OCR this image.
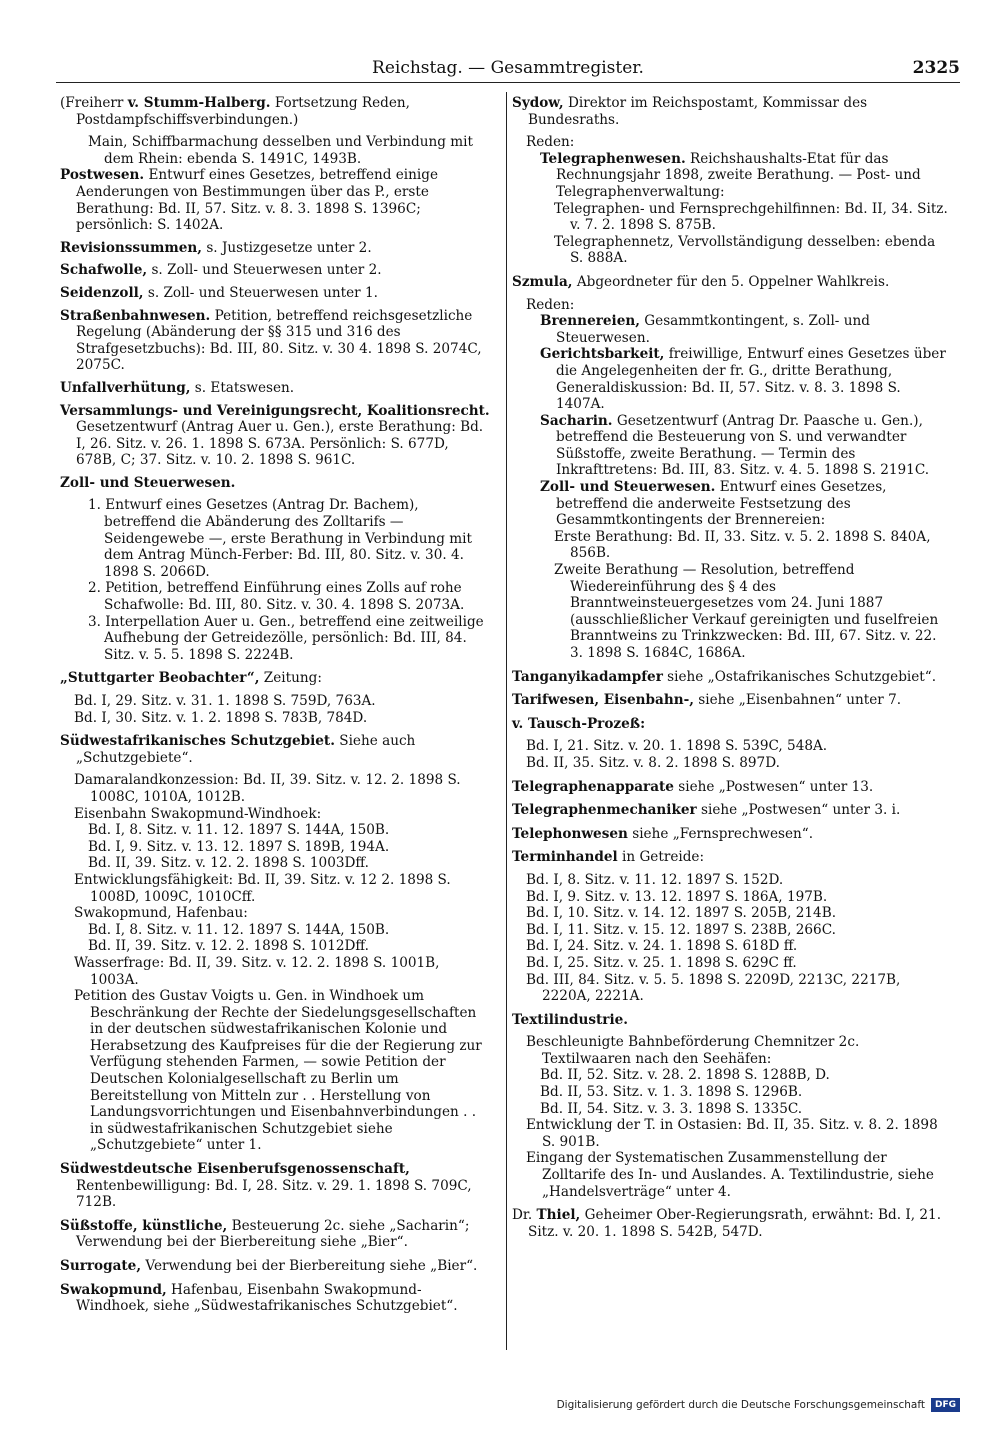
Reichstag. — Gesammtregister.	2325

(Freiherr v. Stumm-Halberg. Fortsetzung Reden, Postdampfschiffsverbindungen.)

Main, Schiffbarmachung desselben und Verbindung mit dem Rhein: ebenda S. 1491C, 1493B.

Postwesen. Entwurf eines Gesetzes, betreffend einige Aenderungen von Bestimmungen über das P., erste Berathung: Bd. II, 57. Sitz. v. 8. 3. 1898 S. 1396C; persönlich: S. 1402A.

Revisionssummen, s. Justizgesetze unter 2.

Schafwolle, s. Zoll- und Steuerwesen unter 2.

Seidenzoll, s. Zoll- und Steuerwesen unter 1.

Straßenbahnwesen. Petition, betreffend reichsgesetzliche Regelung (Abänderung der §§ 315 und 316 des Strafgesetzbuchs): Bd. III, 80. Sitz. v. 30 4. 1898 S. 2074C, 2075C.

Unfallverhütung, s. Etatswesen.

Versammlungs- und Vereinigungsrecht, Koalitionsrecht. Gesetzentwurf (Antrag Auer u. Gen.), erste Berathung: Bd. I, 26. Sitz. v. 26. 1. 1898 S. 673A. Persönlich: S. 677D, 678B, C; 37. Sitz. v. 10. 2. 1898 S. 961C.

Zoll- und Steuerwesen.

1. Entwurf eines Gesetzes (Antrag Dr. Bachem), betreffend die Abänderung des Zolltarifs — Seidengewebe —, erste Berathung in Verbindung mit dem Antrag Münch-Ferber: Bd. III, 80. Sitz. v. 30. 4. 1898 S. 2066D.

2. Petition, betreffend Einführung eines Zolls auf rohe Schafwolle: Bd. III, 80. Sitz. v. 30. 4. 1898 S. 2073A.

3. Interpellation Auer u. Gen., betreffend eine zeitweilige Aufhebung der Getreidezölle, persönlich: Bd. III, 84. Sitz. v. 5. 5. 1898 S. 2224B.

„Stuttgarter Beobachter“, Zeitung:

Bd. I, 29. Sitz. v. 31. 1. 1898 S. 759D, 763A.

Bd. I, 30. Sitz. v. 1. 2. 1898 S. 783B, 784D.

Südwestafrikanisches Schutzgebiet. Siehe auch „Schutzgebiete“.

Damaralandkonzession: Bd. II, 39. Sitz. v. 12. 2. 1898 S. 1008C, 1010A, 1012B.

Eisenbahn Swakopmund-Windhoek:

Bd. I, 8. Sitz. v. 11. 12. 1897 S. 144A, 150B.

Bd. I, 9. Sitz. v. 13. 12. 1897 S. 189B, 194A.

Bd. II, 39. Sitz. v. 12. 2. 1898 S. 1003Dff.

Entwicklungsfähigkeit: Bd. II, 39. Sitz. v. 12 2. 1898 S. 1008D, 1009C, 1010Cff.

Swakopmund, Hafenbau:

Bd. I, 8. Sitz. v. 11. 12. 1897 S. 144A, 150B.

Bd. II, 39. Sitz. v. 12. 2. 1898 S. 1012Dff.

Wasserfrage: Bd. II, 39. Sitz. v. 12. 2. 1898 S. 1001B, 1003A.

Petition des Gustav Voigts u. Gen. in Windhoek um Beschränkung der Rechte der Siedelungsgesellschaften in der deutschen südwestafrikanischen Kolonie und Herabsetzung des Kaufpreises für die der Regierung zur Verfügung stehenden Farmen, — sowie Petition der Deutschen Kolonialgesellschaft zu Berlin um Bereitstellung von Mitteln zur . . Herstellung von Landungsvorrichtungen und Eisenbahnverbindungen . . in südwestafrikanischen Schutzgebiet siehe „Schutzgebiete“ unter 1.

Südwestdeutsche Eisenberufsgenossenschaft, Rentenbewilligung: Bd. I, 28. Sitz. v. 29. 1. 1898 S. 709C, 712B.

Süßstoffe, künstliche, Besteuerung 2c. siehe „Sacharin“; Verwendung bei der Bierbereitung siehe „Bier“.

Surrogate, Verwendung bei der Bierbereitung siehe „Bier“.

Swakopmund, Hafenbau, Eisenbahn Swakopmund-Windhoek, siehe „Südwestafrikanisches Schutzgebiet“.

Sydow, Direktor im Reichspostamt, Kommissar des Bundesraths.

Reden:

Telegraphenwesen. Reichshaushalts-Etat für das Rechnungsjahr 1898, zweite Berathung. — Post- und Telegraphenverwaltung:

Telegraphen- und Fernsprechgehilfinnen: Bd. II, 34. Sitz. v. 7. 2. 1898 S. 875B.

Telegraphennetz, Vervollständigung desselben: ebenda S. 888A.

Szmula, Abgeordneter für den 5. Oppelner Wahlkreis.

Reden:

Brennereien, Gesammtkontingent, s. Zoll- und Steuerwesen.

Gerichtsbarkeit, freiwillige, Entwurf eines Gesetzes über die Angelegenheiten der fr. G., dritte Berathung, Generaldiskussion: Bd. II, 57. Sitz. v. 8. 3. 1898 S. 1407A.

Sacharin. Gesetzentwurf (Antrag Dr. Paasche u. Gen.), betreffend die Besteuerung von S. und verwandter Süßstoffe, zweite Berathung. — Termin des Inkrafttretens: Bd. III, 83. Sitz. v. 4. 5. 1898 S. 2191C.

Zoll- und Steuerwesen. Entwurf eines Gesetzes, betreffend die anderweite Festsetzung des Gesammtkontingents der Brennereien:

Erste Berathung: Bd. II, 33. Sitz. v. 5. 2. 1898 S. 840A, 856B.

Zweite Berathung — Resolution, betreffend Wiedereinführung des § 4 des Branntweinsteuergesetzes vom 24. Juni 1887 (ausschließlicher Verkauf gereinigten und fuselfreien Branntweins zu Trinkzwecken: Bd. III, 67. Sitz. v. 22. 3. 1898 S. 1684C, 1686A.

Tanganyikadampfer siehe „Ostafrikanisches Schutzgebiet“.

Tarifwesen, Eisenbahn-, siehe „Eisenbahnen“ unter 7.

v. Tausch-Prozeß:

Bd. I, 21. Sitz. v. 20. 1. 1898 S. 539C, 548A.

Bd. II, 35. Sitz. v. 8. 2. 1898 S. 897D.

Telegraphenapparate siehe „Postwesen“ unter 13.

Telegraphenmechaniker siehe „Postwesen“ unter 3. i.

Telephonwesen siehe „Fernsprechwesen“.

Terminhandel in Getreide:

Bd. I, 8. Sitz. v. 11. 12. 1897 S. 152D.

Bd. I, 9. Sitz. v. 13. 12. 1897 S. 186A, 197B.

Bd. I, 10. Sitz. v. 14. 12. 1897 S. 205B, 214B.

Bd. I, 11. Sitz. v. 15. 12. 1897 S. 238B, 266C.

Bd. I, 24. Sitz. v. 24. 1. 1898 S. 618D ff.

Bd. I, 25. Sitz. v. 25. 1. 1898 S. 629C ff.

Bd. III, 84. Sitz. v. 5. 5. 1898 S. 2209D, 2213C, 2217B, 2220A, 2221A.

Textilindustrie.

Beschleunigte Bahnbeförderung Chemnitzer 2c. Textilwaaren nach den Seehäfen:

Bd. II, 52. Sitz. v. 28. 2. 1898 S. 1288B, D.

Bd. II, 53. Sitz. v. 1. 3. 1898 S. 1296B.

Bd. II, 54. Sitz. v. 3. 3. 1898 S. 1335C.

Entwicklung der T. in Ostasien: Bd. II, 35. Sitz. v. 8. 2. 1898 S. 901B.

Eingang der Systematischen Zusammenstellung der Zolltarife des In- und Auslandes. A. Textilindustrie, siehe „Handelsverträge“ unter 4.

Dr. Thiel, Geheimer Ober-Regierungsrath, erwähnt: Bd. I, 21. Sitz. v. 20. 1. 1898 S. 542B, 547D.

Digitalisierung gefördert durch die Deutsche Forschungsgemeinschaft	DFG
